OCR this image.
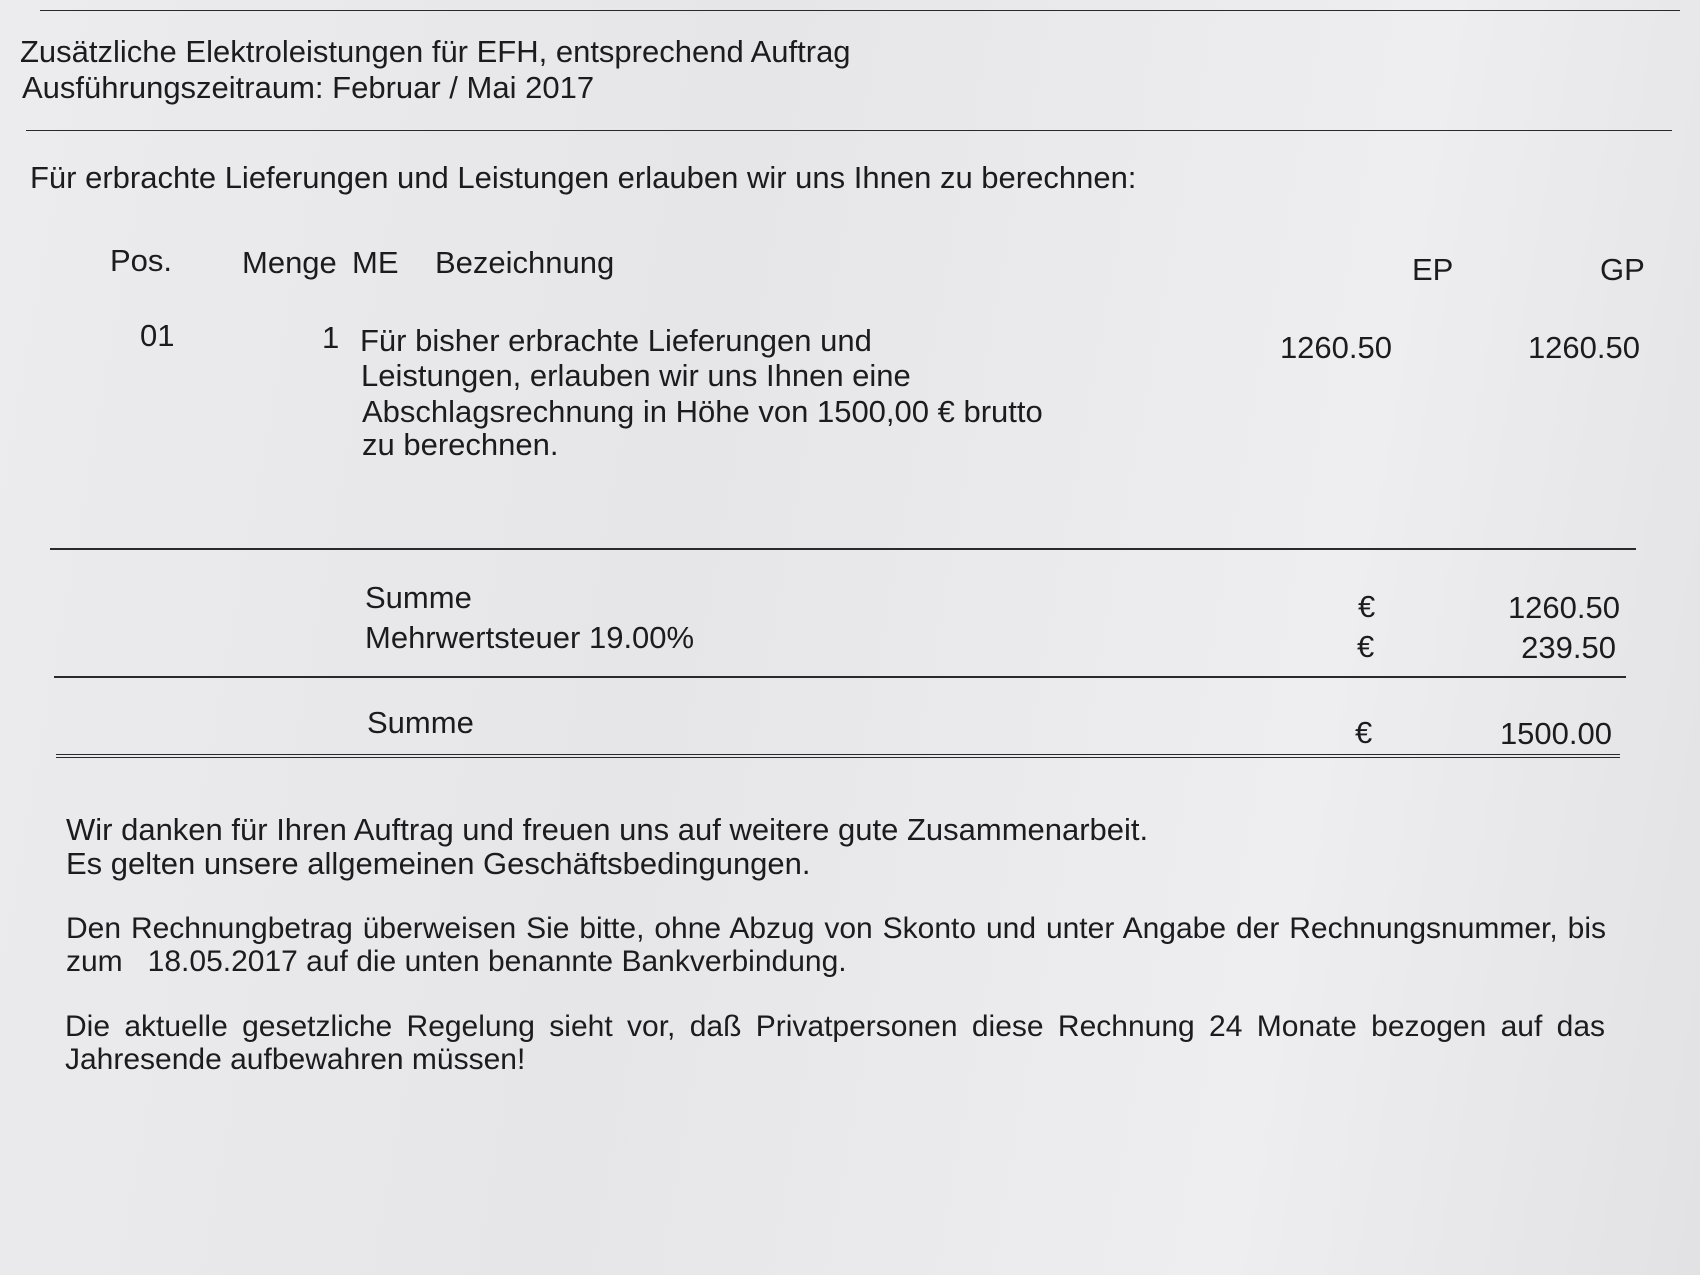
Zusätzliche Elektroleistungen für EFH, entsprechend Auftrag
Ausführungszeitraum: Februar / Mai 2017
Für erbrachte Lieferungen und Leistungen erlauben wir uns Ihnen zu berechnen:
Pos. Menge ME Bezeichnung	EP	GP
01	1 Für bisher erbrachte Lieferungen und
Leistungen, erlauben wir uns Ihnen eine
Abschlagsrechnung in Höhe von 1500,00 € brutto
zu berechnen.
1260.50	1260.50
Summe	€	1260.50
Mehrwertsteuer 19.00%	€	239.50
Summe	€	1500.00
Wir danken für Ihren Auftrag und freuen uns auf weitere gute Zusammenarbeit.
Es gelten unsere allgemeinen Geschäftsbedingungen.
Den Rechnungbetrag überweisen Sie bitte, ohne Abzug von Skonto und unter Angabe der Rechnungsnummer, bis zum   18.05.2017 auf die unten benannte Bankverbindung.
Die aktuelle gesetzliche Regelung sieht vor, daß Privatpersonen diese Rechnung 24 Monate bezogen auf das Jahresende aufbewahren müssen!
